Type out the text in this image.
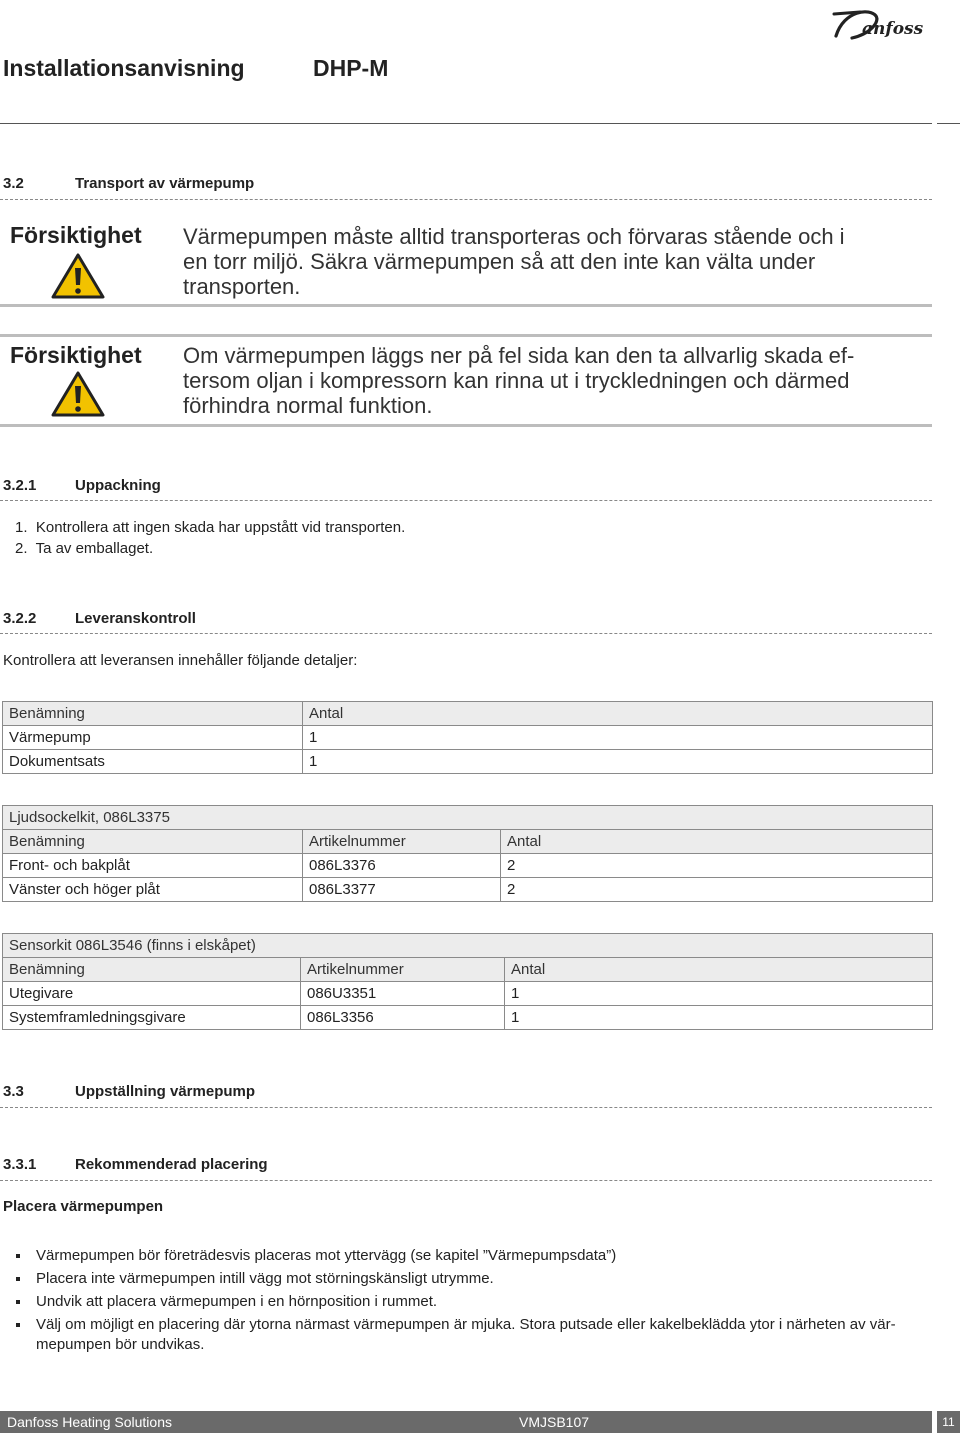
Installationsanvisning	DHP-M
anfoss
3.2	Transport av värmepump
Försiktighet Värmepumpen måste alltid transporteras och förvaras stående och i
en torr miljö. Säkra värmepumpen så att den inte kan välta under
transporten.
Försiktighet Om värmepumpen läggs ner på fel sida kan den ta allvarlig skada ef-
tersom oljan i kompressorn kan rinna ut i tryckledningen och därmed
förhindra normal funktion.
3.2.1	Uppackning
1.  Kontrollera att ingen skada har uppstått vid transporten.
2.  Ta av emballaget.
3.2.2	Leveranskontroll
Kontrollera att leveransen innehåller följande detaljer:
Benämning	Antal
Värmepump	1
Dokumentsats	1
Ljudsockelkit, 086L3375		
Benämning	Artikelnummer	Antal
Front- och bakplåt	086L3376	2
Vänster och höger plåt	086L3377	2
Sensorkit 086L3546 (finns i elskåpet)		
Benämning	Artikelnummer	Antal
Utegivare	086U3351	1
Systemframledningsgivare	086L3356	1
3.3	Uppställning värmepump
3.3.1	Rekommenderad placering
Placera värmepumpen
Värmepumpen bör företrädesvis placeras mot yttervägg (se kapitel ”Värmepumpsdata”)
Placera inte värmepumpen intill vägg mot störningskänsligt utrymme.
Undvik att placera värmepumpen i en hörnposition i rummet.
Välj om möjligt en placering där ytorna närmast värmepumpen är mjuka. Stora putsade eller kakelbeklädda ytor i närheten av vär-mepumpen bör undvikas.
Danfoss Heating Solutions	VMJSB107	11
